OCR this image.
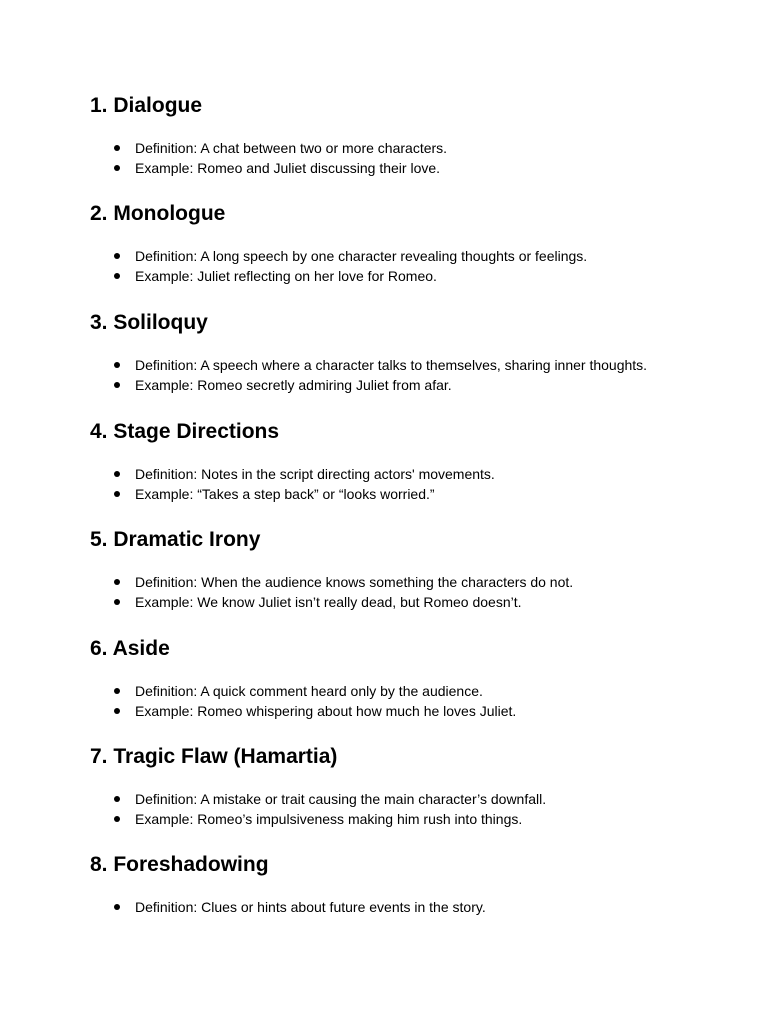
1. Dialogue
Definition: A chat between two or more characters.
Example: Romeo and Juliet discussing their love.
2. Monologue
Definition: A long speech by one character revealing thoughts or feelings.
Example: Juliet reflecting on her love for Romeo.
3. Soliloquy
Definition: A speech where a character talks to themselves, sharing inner thoughts.
Example: Romeo secretly admiring Juliet from afar.
4. Stage Directions
Definition: Notes in the script directing actors' movements.
Example: “Takes a step back” or “looks worried.”
5. Dramatic Irony
Definition: When the audience knows something the characters do not.
Example: We know Juliet isn’t really dead, but Romeo doesn’t.
6. Aside
Definition: A quick comment heard only by the audience.
Example: Romeo whispering about how much he loves Juliet.
7. Tragic Flaw (Hamartia)
Definition: A mistake or trait causing the main character’s downfall.
Example: Romeo’s impulsiveness making him rush into things.
8. Foreshadowing
Definition: Clues or hints about future events in the story.
